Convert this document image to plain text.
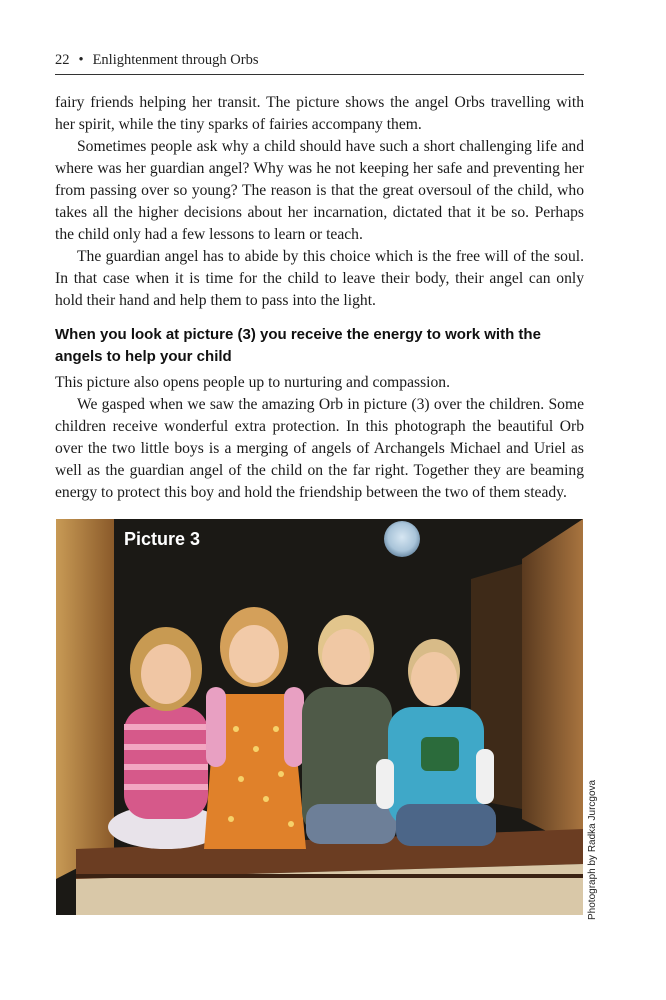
22 • Enlightenment through Orbs

fairy friends helping her transit. The picture shows the angel Orbs travelling with her spirit, while the tiny sparks of fairies accompany them.

Sometimes people ask why a child should have such a short challenging life and where was her guardian angel? Why was he not keeping her safe and preventing her from passing over so young? The reason is that the great oversoul of the child, who takes all the higher decisions about her incarnation, dictated that it be so. Perhaps the child only had a few lessons to learn or teach.

The guardian angel has to abide by this choice which is the free will of the soul. In that case when it is time for the child to leave their body, their angel can only hold their hand and help them to pass into the light.

When you look at picture (3) you receive the energy to work with the angels to help your child

This picture also opens people up to nurturing and compassion.

We gasped when we saw the amazing Orb in picture (3) over the children. Some children receive wonderful extra protection. In this photograph the beautiful Orb over the two little boys is a merging of angels of Archangels Michael and Uriel as well as the guardian angel of the child on the far right. Together they are beaming energy to protect this boy and hold the friendship between the two of them steady.

Picture 3
Photograph by Radka Jurcgova
